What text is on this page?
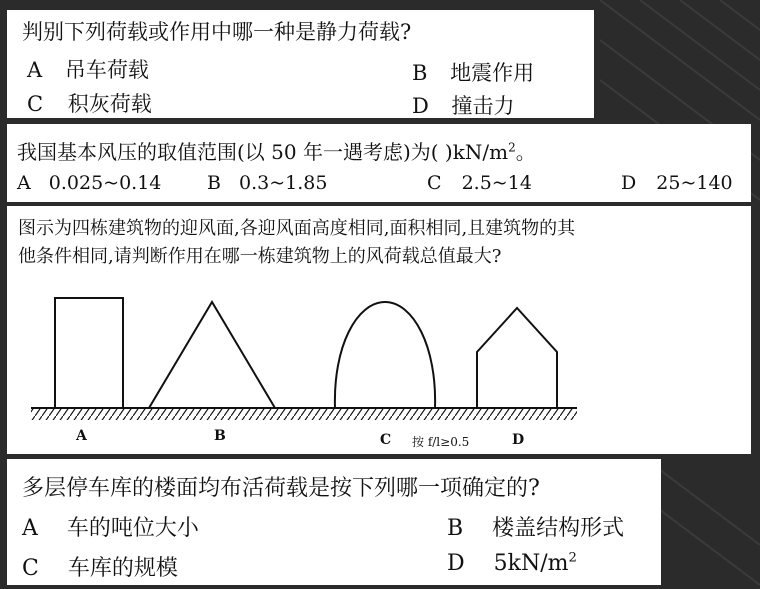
判别下列荷载或作用中哪一种是静力荷载?
A 吊车荷载	B 地震作用
C 积灰荷载	D 撞击力
我国基本风压的取值范围(以 50 年一遇考虑)为( )$kN/m^2$。
A 0.025~0.14 B 0.3~1.85	C 2.5~14	D 25~140
图示为四栋建筑物的迎风面,各迎风面高度相同,面积相同,且建筑物的其
他条件相同,请判断作用在哪一栋建筑物上的风荷载总值最大?
A	B	C 按 f/l≥0.5	D
多层停车库的楼面均布活荷载是按下列哪一项确定的?
A 车的吨位大小	B 楼盖结构形式
C 车库的规模	D $5kN/m^2$
